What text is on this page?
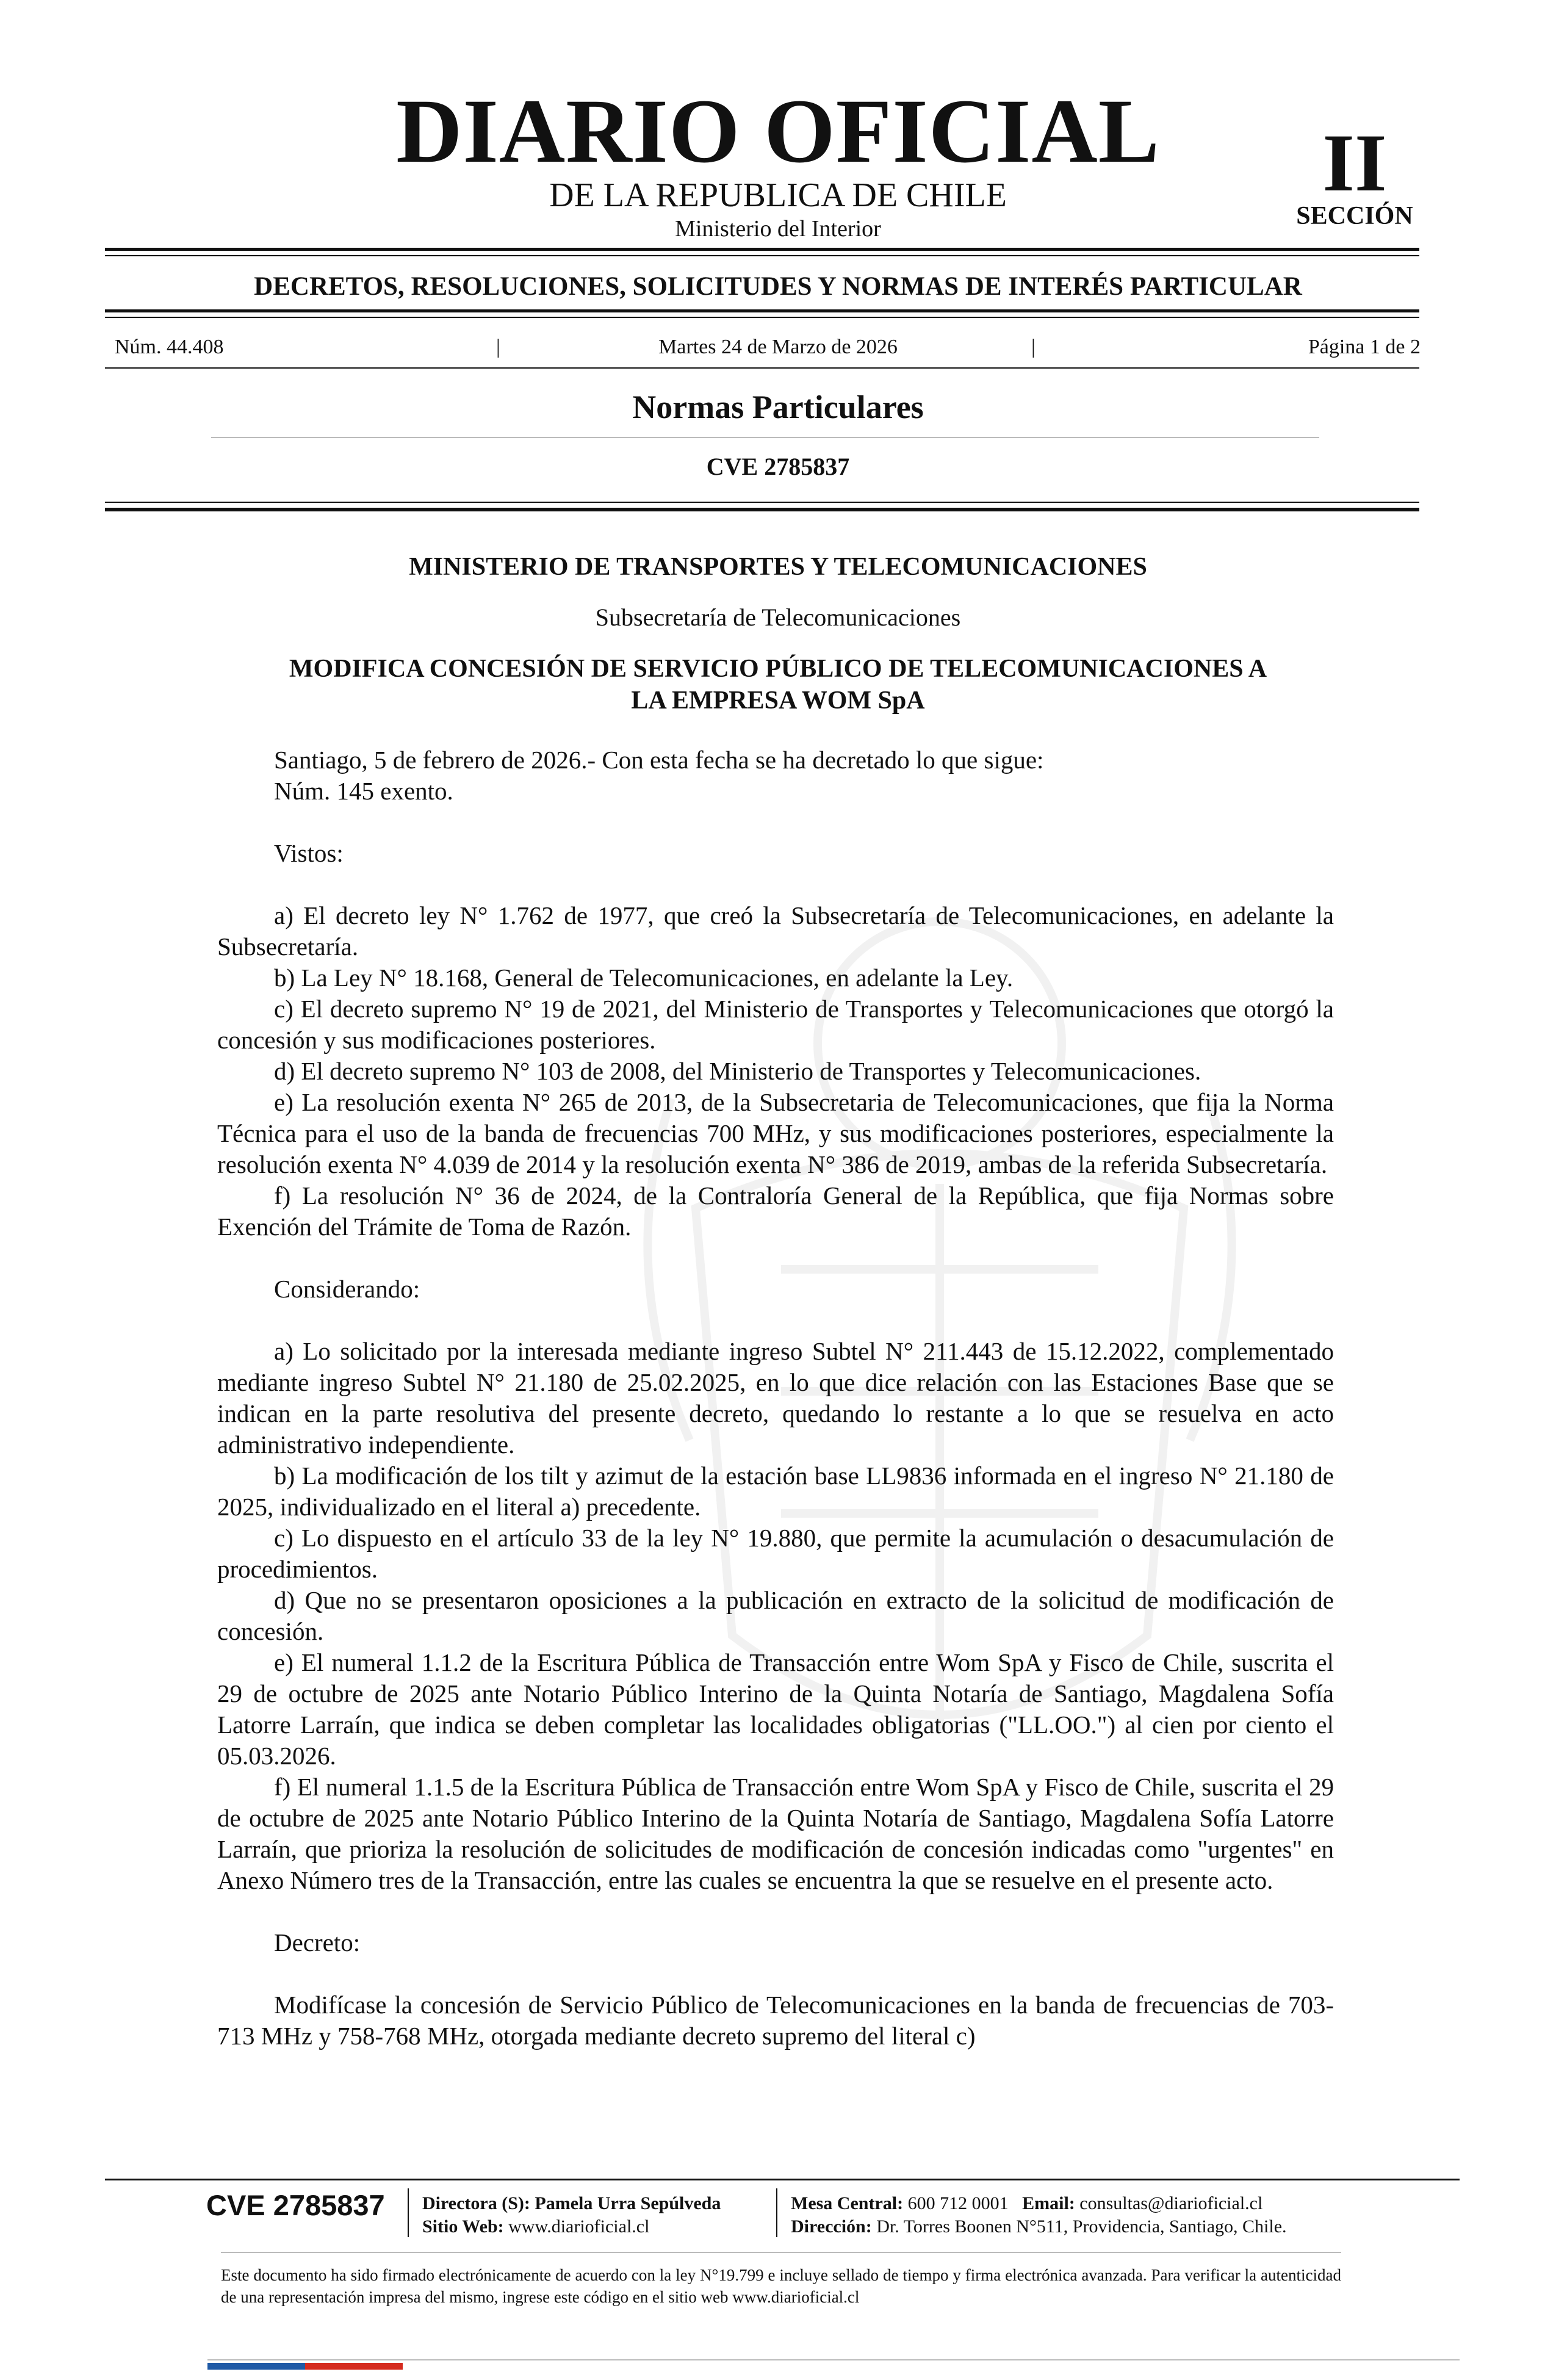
DIARIO OFICIAL
DE LA REPUBLICA DE CHILE
Ministerio del Interior
II
SECCIÓN
DECRETOS, RESOLUCIONES, SOLICITUDES Y NORMAS DE INTERÉS PARTICULAR
Núm. 44.408	|	Martes 24 de Marzo de 2026	|	Página 1 de 2
Normas Particulares
CVE 2785837
MINISTERIO DE TRANSPORTES Y TELECOMUNICACIONES
Subsecretaría de Telecomunicaciones
MODIFICA CONCESIÓN DE SERVICIO PÚBLICO DE TELECOMUNICACIONES A
LA EMPRESA WOM SpA

Santiago, 5 de febrero de 2026.- Con esta fecha se ha decretado lo que sigue:

Núm. 145 exento.

Vistos:

a) El decreto ley N° 1.762 de 1977, que creó la Subsecretaría de Telecomunicaciones, en adelante la Subsecretaría.

b) La Ley N° 18.168, General de Telecomunicaciones, en adelante la Ley.

c) El decreto supremo N° 19 de 2021, del Ministerio de Transportes y Telecomunicaciones que otorgó la concesión y sus modificaciones posteriores.

d) El decreto supremo N° 103 de 2008, del Ministerio de Transportes y Telecomunicaciones.

e) La resolución exenta N° 265 de 2013, de la Subsecretaria de Telecomunicaciones, que fija la Norma Técnica para el uso de la banda de frecuencias 700 MHz, y sus modificaciones posteriores, especialmente la resolución exenta N° 4.039 de 2014 y la resolución exenta N° 386 de 2019, ambas de la referida Subsecretaría.

f) La resolución N° 36 de 2024, de la Contraloría General de la República, que fija Normas sobre Exención del Trámite de Toma de Razón.

Considerando:

a) Lo solicitado por la interesada mediante ingreso Subtel N° 211.443 de 15.12.2022, complementado mediante ingreso Subtel N° 21.180 de 25.02.2025, en lo que dice relación con las Estaciones Base que se indican en la parte resolutiva del presente decreto, quedando lo restante a lo que se resuelva en acto administrativo independiente.

b) La modificación de los tilt y azimut de la estación base LL9836 informada en el ingreso N° 21.180 de 2025, individualizado en el literal a) precedente.

c) Lo dispuesto en el artículo 33 de la ley N° 19.880, que permite la acumulación o desacumulación de procedimientos.

d) Que no se presentaron oposiciones a la publicación en extracto de la solicitud de modificación de concesión.

e) El numeral 1.1.2 de la Escritura Pública de Transacción entre Wom SpA y Fisco de Chile, suscrita el 29 de octubre de 2025 ante Notario Público Interino de la Quinta Notaría de Santiago, Magdalena Sofía Latorre Larraín, que indica se deben completar las localidades obligatorias ("LL.OO.") al cien por ciento el 05.03.2026.

f) El numeral 1.1.5 de la Escritura Pública de Transacción entre Wom SpA y Fisco de Chile, suscrita el 29 de octubre de 2025 ante Notario Público Interino de la Quinta Notaría de Santiago, Magdalena Sofía Latorre Larraín, que prioriza la resolución de solicitudes de modificación de concesión indicadas como "urgentes" en Anexo Número tres de la Transacción, entre las cuales se encuentra la que se resuelve en el presente acto.

Decreto:

Modifícase la concesión de Servicio Público de Telecomunicaciones en la banda de frecuencias de 703-713 MHz y 758-768 MHz, otorgada mediante decreto supremo del literal c)

CVE 2785837 Directora (S): Pamela Urra Sepúlveda
Sitio Web: www.diarioficial.cl
Mesa Central: 600 712 0001 Email: consultas@diarioficial.cl
Dirección: Dr. Torres Boonen N°511, Providencia, Santiago, Chile.
Este documento ha sido firmado electrónicamente de acuerdo con la ley N°19.799 e incluye sellado de tiempo y firma electrónica avanzada. Para verificar la autenticidad de una representación impresa del mismo, ingrese este código en el sitio web www.diarioficial.cl
